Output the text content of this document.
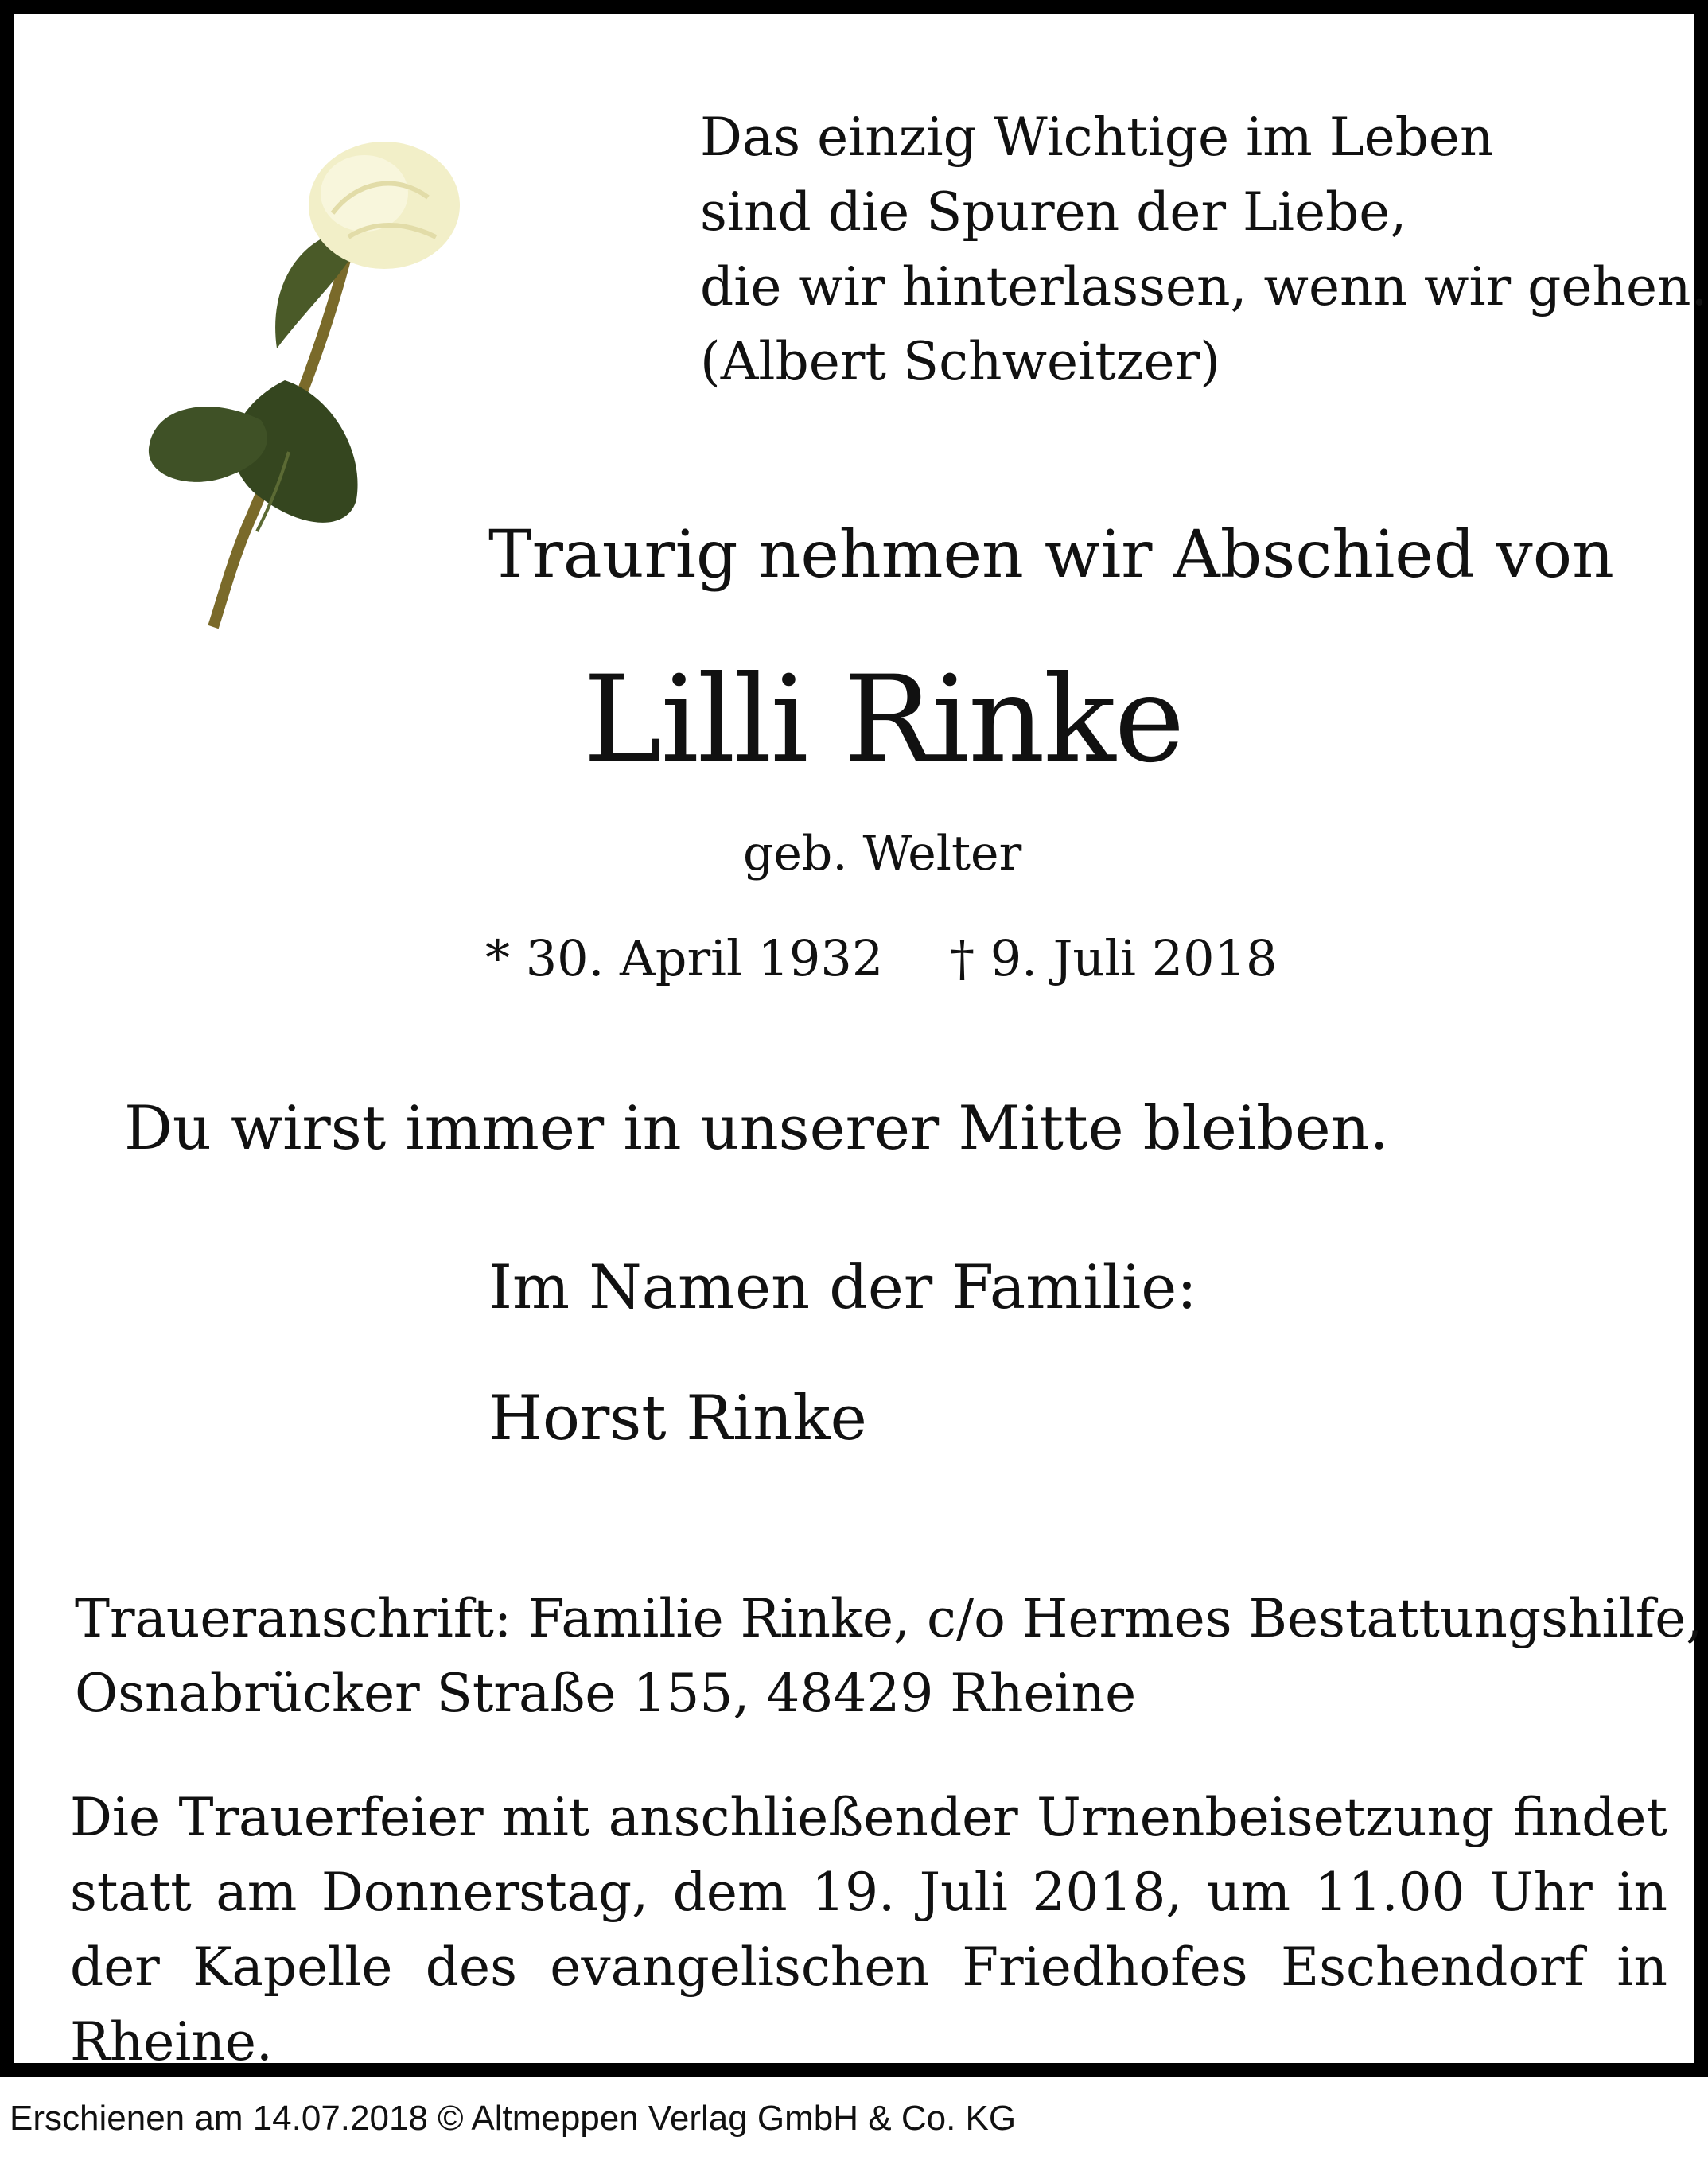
Das einzig Wichtige im Leben
sind die Spuren der Liebe,
die wir hinterlassen, wenn wir gehen.
(Albert Schweitzer)
Traurig nehmen wir Abschied von
Lilli Rinke
geb. Welter
* 30. April 1932 † 9. Juli 2018
Du wirst immer in unserer Mitte bleiben.
Im Namen der Familie:
Horst Rinke
Traueranschrift: Familie Rinke, c/o Hermes Bestattungshilfe,
Osnabrücker Straße 155, 48429 Rheine
Die Trauerfeier mit anschließender Urnenbeisetzung findet statt am Donnerstag, dem 19. Juli 2018, um 11.00 Uhr in der Kapelle des evangelischen Friedhofes Eschendorf in Rheine.
Erschienen am 14.07.2018 © Altmeppen Verlag GmbH & Co. KG
